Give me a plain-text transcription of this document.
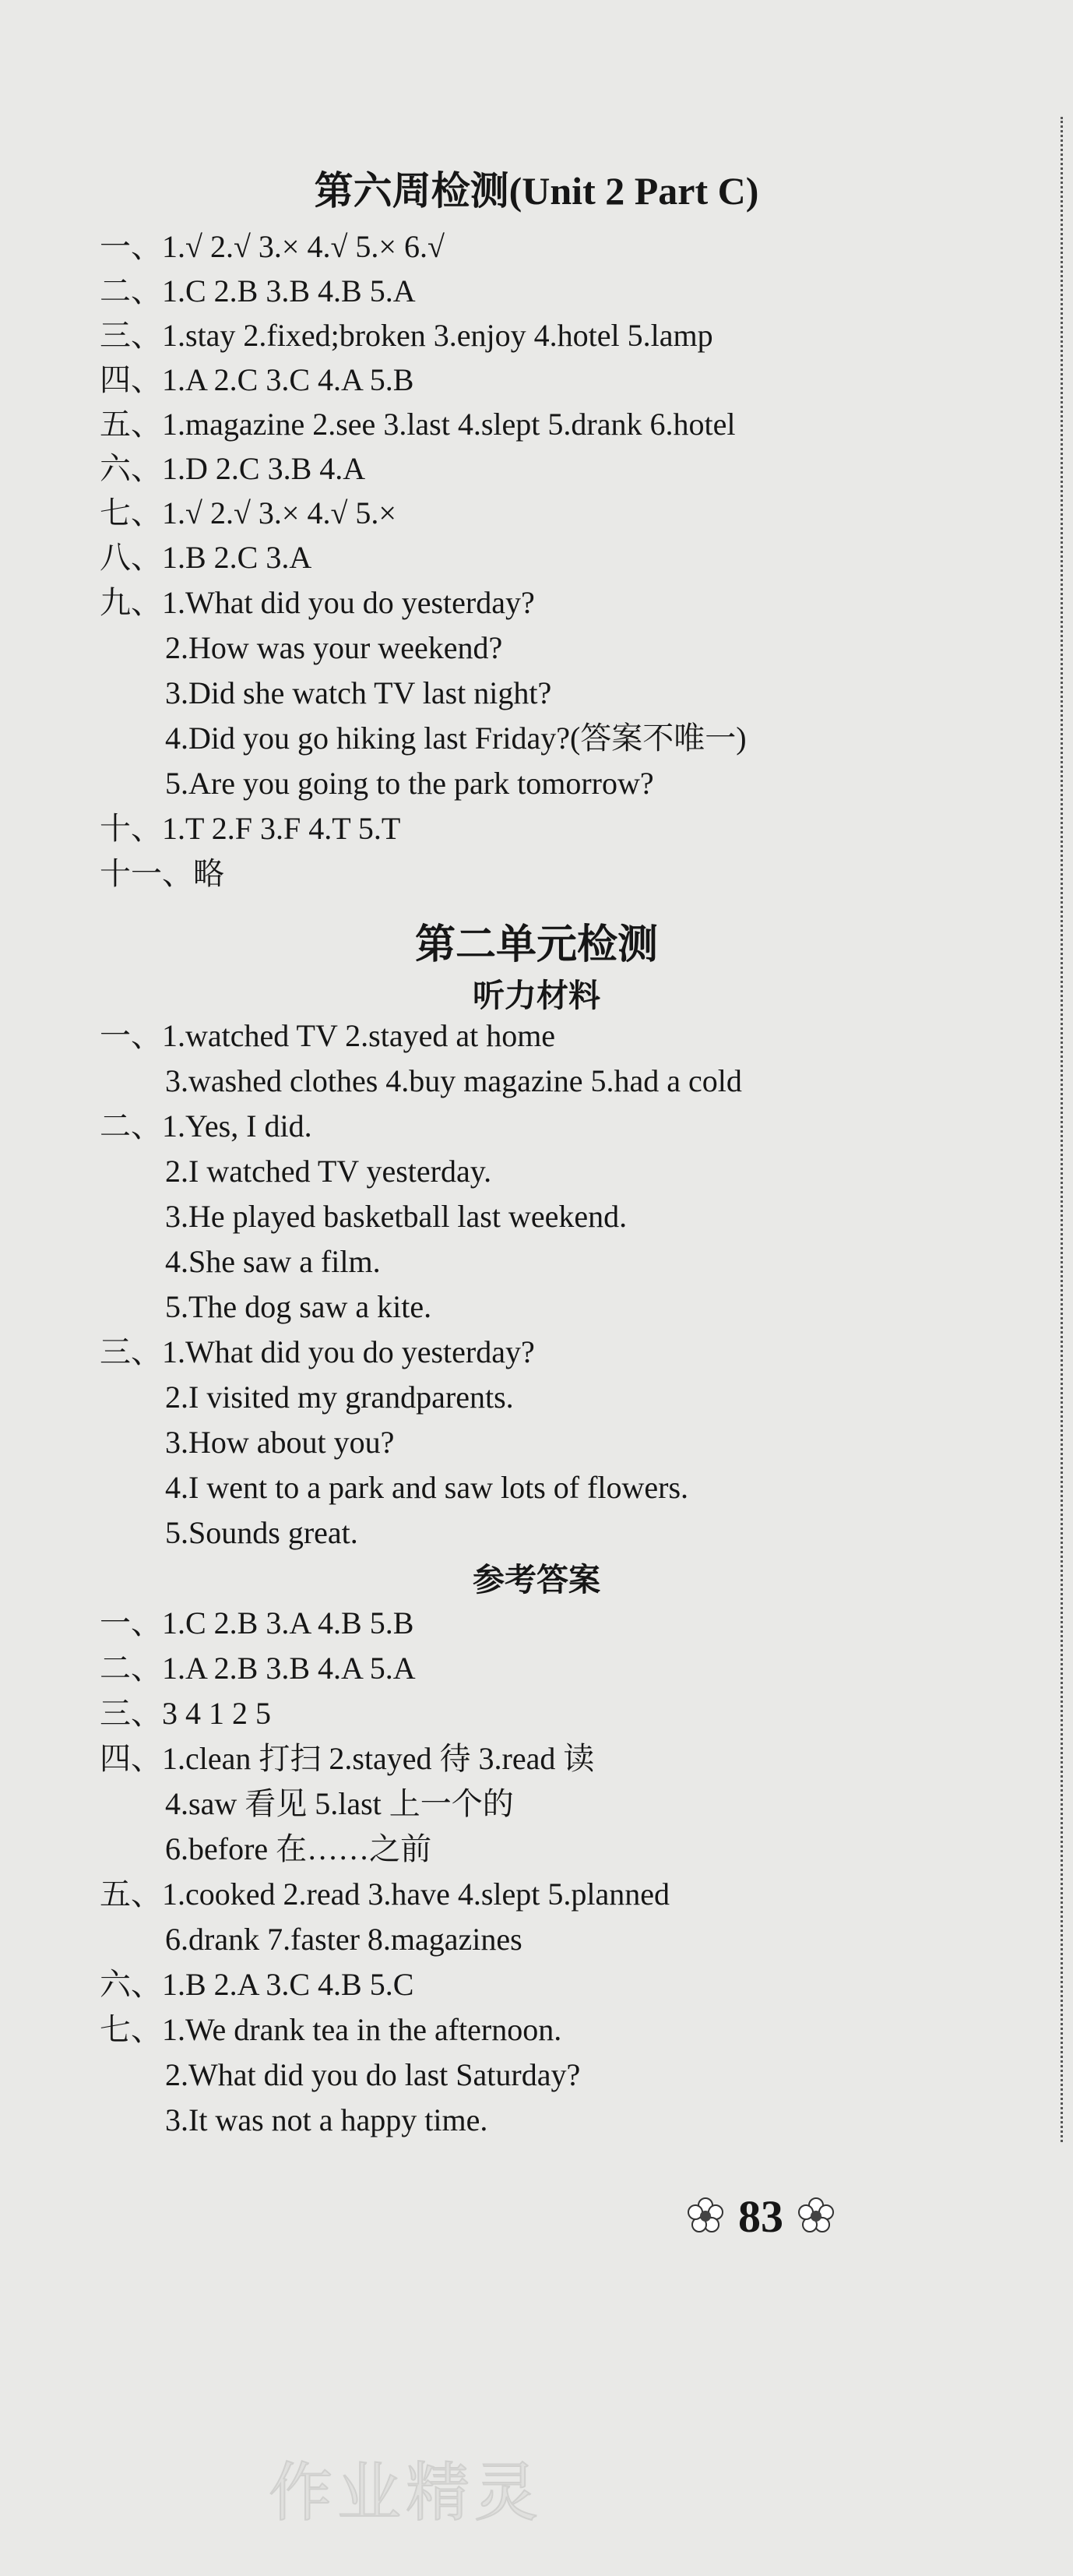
第六周检测(Unit 2 Part C)
一、1.√ 2.√ 3.× 4.√ 5.× 6.√
二、1.C 2.B 3.B 4.B 5.A
三、1.stay 2.fixed;broken 3.enjoy 4.hotel 5.lamp
四、1.A 2.C 3.C 4.A 5.B
五、1.magazine 2.see 3.last 4.slept 5.drank 6.hotel
六、1.D 2.C 3.B 4.A
七、1.√ 2.√ 3.× 4.√ 5.×
八、1.B 2.C 3.A
九、1.What did you do yesterday?
2.How was your weekend?
3.Did she watch TV last night?
4.Did you go hiking last Friday?(答案不唯一)
5.Are you going to the park tomorrow?
十、1.T 2.F 3.F 4.T 5.T
十一、略
第二单元检测
听力材料
一、1.watched TV 2.stayed at home
3.washed clothes 4.buy magazine 5.had a cold
二、1.Yes, I did.
2.I watched TV yesterday.
3.He played basketball last weekend.
4.She saw a film.
5.The dog saw a kite.
三、1.What did you do yesterday?
2.I visited my grandparents.
3.How about you?
4.I went to a park and saw lots of flowers.
5.Sounds great.
参考答案
一、1.C 2.B 3.A 4.B 5.B
二、1.A 2.B 3.B 4.A 5.A
三、3 4 1 2 5
四、1.clean 打扫 2.stayed 待 3.read 读
4.saw 看见 5.last 上一个的
6.before 在……之前
五、1.cooked 2.read 3.have 4.slept 5.planned
6.drank 7.faster 8.magazines
六、1.B 2.A 3.C 4.B 5.C
七、1.We drank tea in the afternoon.
2.What did you do last Saturday?
3.It was not a happy time.
83
作业精灵
